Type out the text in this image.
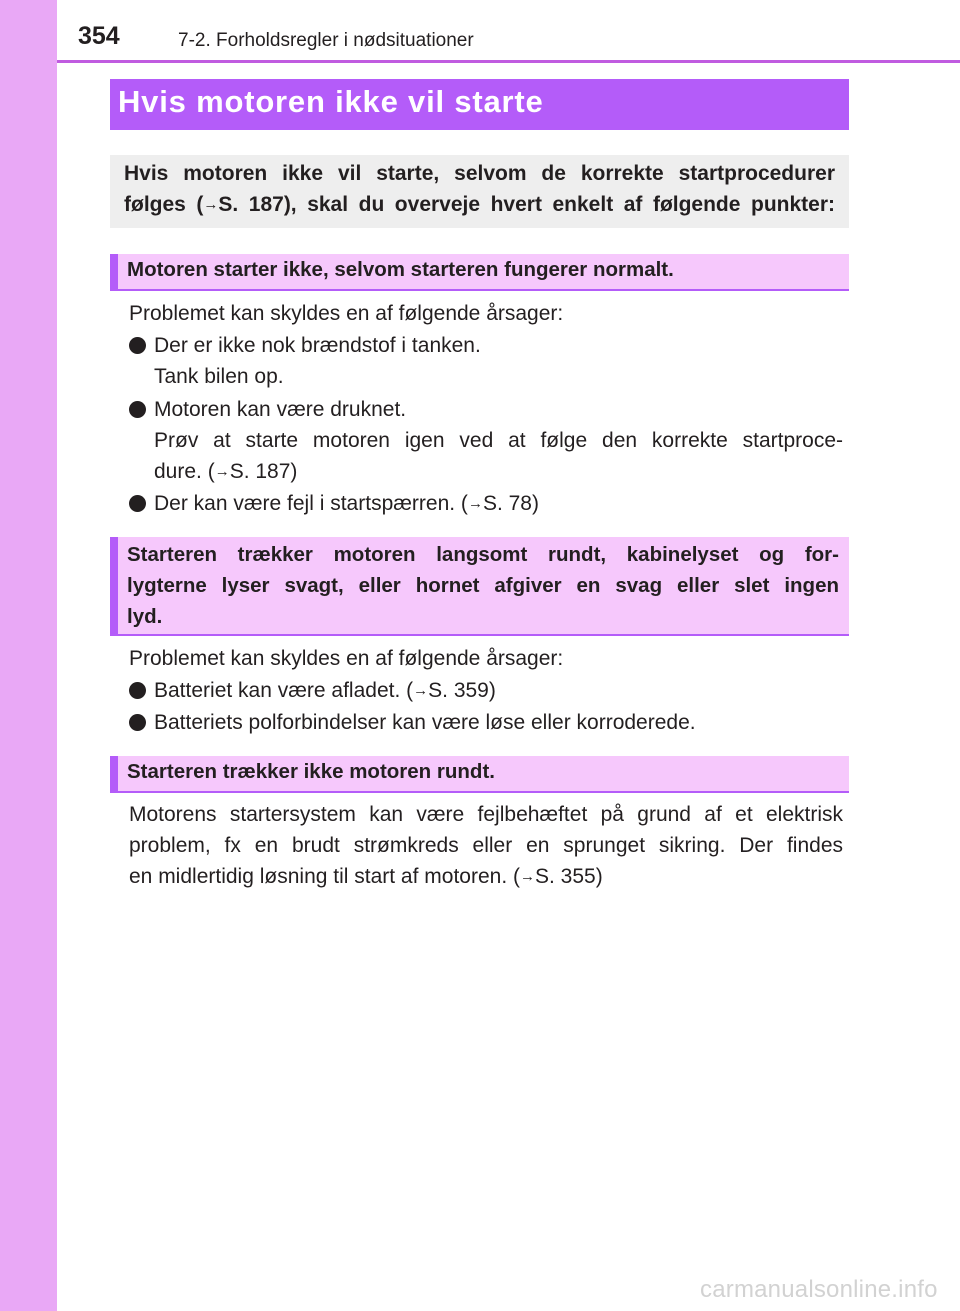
354	7-2. Forholdsregler i nødsituationer
Hvis motoren ikke vil starte
Hvis motoren ikke vil starte, selvom de korrekte startprocedurer
følges (→S. 187), skal du overveje hvert enkelt af følgende punkter:
Motoren starter ikke, selvom starteren fungerer normalt.
Problemet kan skyldes en af følgende årsager:
Der er ikke nok brændstof i tanken.
Tank bilen op.
Motoren kan være druknet.
Prøv at starte motoren igen ved at følge den korrekte startproce-
dure. (→S. 187)
Der kan være fejl i startspærren. (→S. 78)
Starteren trækker motoren langsomt rundt, kabinelyset og for-
lygterne lyser svagt, eller hornet afgiver en svag eller slet ingen
lyd.
Problemet kan skyldes en af følgende årsager:
Batteriet kan være afladet. (→S. 359)
Batteriets polforbindelser kan være løse eller korroderede.
Starteren trækker ikke motoren rundt.
Motorens startersystem kan være fejlbehæftet på grund af et elektrisk
problem, fx en brudt strømkreds eller en sprunget sikring. Der findes
en midlertidig løsning til start af motoren. (→S. 355)
carmanualsonline.info
